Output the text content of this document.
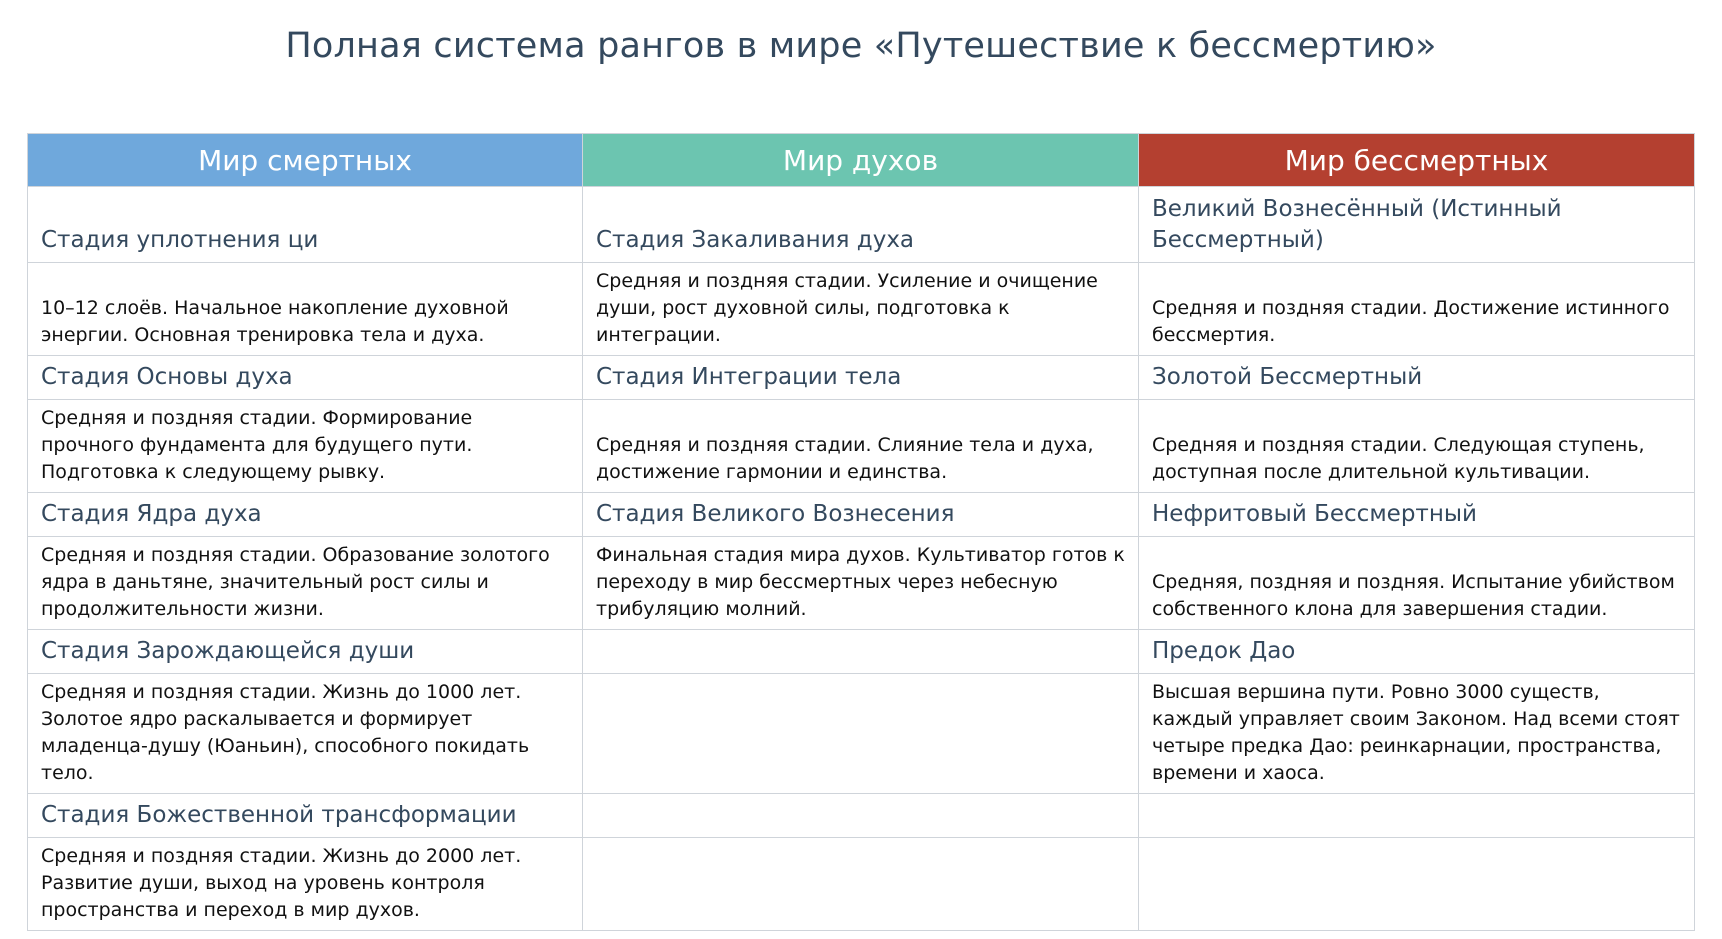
Полная система рангов в мире «Путешествие к бессмертию»
Мир смертных	Мир духов	Мир бессмертных
Стадия уплотнения ци	Стадия Закаливания духа	Великий Вознесённый (Истинный Бессмертный)
10–12 слоёв. Начальное накопление духовной энергии. Основная тренировка тела и духа.	Средняя и поздняя стадии. Усиление и очищение души, рост духовной силы, подготовка к интеграции.	Средняя и поздняя стадии. Достижение истинного бессмертия.
Стадия Основы духа	Стадия Интеграции тела	Золотой Бессмертный
Средняя и поздняя стадии. Формирование прочного фундамента для будущего пути. Подготовка к следующему рывку.	Средняя и поздняя стадии. Слияние тела и духа, достижение гармонии и единства.	Средняя и поздняя стадии. Следующая ступень, доступная после длительной культивации.
Стадия Ядра духа	Стадия Великого Вознесения	Нефритовый Бессмертный
Средняя и поздняя стадии. Образование золотого ядра в даньтяне, значительный рост силы и продолжительности жизни.	Финальная стадия мира духов. Культиватор готов к переходу в мир бессмертных через небесную трибуляцию молний.	Средняя, поздняя и поздняя. Испытание убийством собственного клона для завершения стадии.
Стадия Зарождающейся души		Предок Дао
Средняя и поздняя стадии. Жизнь до 1000 лет. Золотое ядро раскалывается и формирует младенца-душу (Юаньин), способного покидать тело.		Высшая вершина пути. Ровно 3000 существ, каждый управляет своим Законом. Над всеми стоят четыре предка Дао: реинкарнации, пространства, времени и хаоса.
Стадия Божественной трансформации		
Средняя и поздняя стадии. Жизнь до 2000 лет. Развитие души, выход на уровень контроля пространства и переход в мир духов.		
